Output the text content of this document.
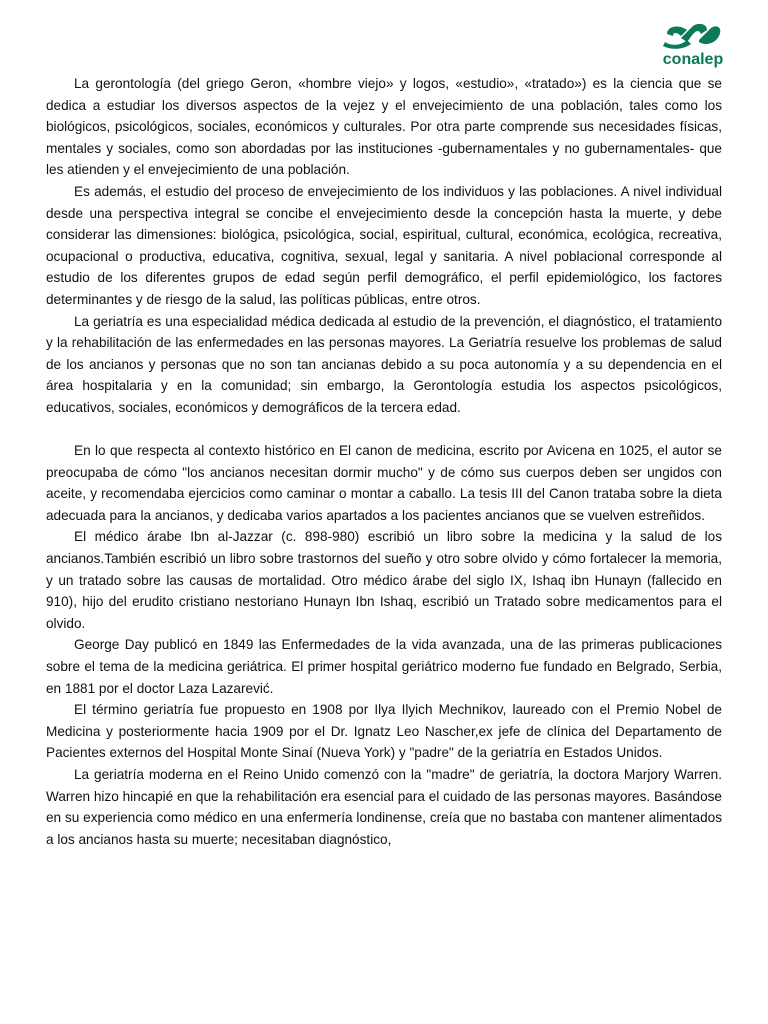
conalep

La gerontología (del griego Geron, «hombre viejo» y logos, «estudio», «tratado») es la ciencia que se dedica a estudiar los diversos aspectos de la vejez y el envejecimiento de una población, tales como los biológicos, psicológicos, sociales, económicos y culturales. Por otra parte comprende sus necesidades físicas, mentales y sociales, como son abordadas por las instituciones -gubernamentales y no gubernamentales- que les atienden y el envejecimiento de una población.

Es además, el estudio del proceso de envejecimiento de los individuos y las poblaciones. A nivel individual desde una perspectiva integral se concibe el envejecimiento desde la concepción hasta la muerte, y debe considerar las dimensiones: biológica, psicológica, social, espiritual, cultural, económica, ecológica, recreativa, ocupacional o productiva, educativa, cognitiva, sexual, legal y sanitaria. A nivel poblacional corresponde al estudio de los diferentes grupos de edad según perfil demográfico, el perfil epidemiológico, los factores determinantes y de riesgo de la salud, las políticas públicas, entre otros.

La geriatría es una especialidad médica dedicada al estudio de la prevención, el diagnóstico, el tratamiento y la rehabilitación de las enfermedades en las personas mayores. La Geriatría resuelve los problemas de salud de los ancianos y personas que no son tan ancianas debido a su poca autonomía y a su dependencia en el área hospitalaria y en la comunidad; sin embargo, la Gerontología estudia los aspectos psicológicos, educativos, sociales, económicos y demográficos de la tercera edad.

En lo que respecta al contexto histórico en El canon de medicina, escrito por Avicena en 1025, el autor se preocupaba de cómo "los ancianos necesitan dormir mucho" y de cómo sus cuerpos deben ser ungidos con aceite, y recomendaba ejercicios como caminar o montar a caballo. La tesis III del Canon trataba sobre la dieta adecuada para la ancianos, y dedicaba varios apartados a los pacientes ancianos que se vuelven estreñidos.

El médico árabe Ibn al-Jazzar (c. 898-980) escribió un libro sobre la medicina y la salud de los ancianos.También escribió un libro sobre trastornos del sueño y otro sobre olvido y cómo fortalecer la memoria, y un tratado sobre las causas de mortalidad. Otro médico árabe del siglo IX, Ishaq ibn Hunayn (fallecido en 910), hijo del erudito cristiano nestoriano Hunayn Ibn Ishaq, escribió un Tratado sobre medicamentos para el olvido.

George Day publicó en 1849 las Enfermedades de la vida avanzada, una de las primeras publicaciones sobre el tema de la medicina geriátrica. El primer hospital geriátrico moderno fue fundado en Belgrado, Serbia, en 1881 por el doctor Laza Lazarević.

El término geriatría fue propuesto en 1908 por Ilya Ilyich Mechnikov, laureado con el Premio Nobel de Medicina y posteriormente hacia 1909 por el Dr. Ignatz Leo Nascher,ex jefe de clínica del Departamento de Pacientes externos del Hospital Monte Sinaí (Nueva York) y "padre" de la geriatría en Estados Unidos.

La geriatría moderna en el Reino Unido comenzó con la "madre" de geriatría, la doctora Marjory Warren. Warren hizo hincapié en que la rehabilitación era esencial para el cuidado de las personas mayores. Basándose en su experiencia como médico en una enfermería londinense, creía que no bastaba con mantener alimentados a los ancianos hasta su muerte; necesitaban diagnóstico,
